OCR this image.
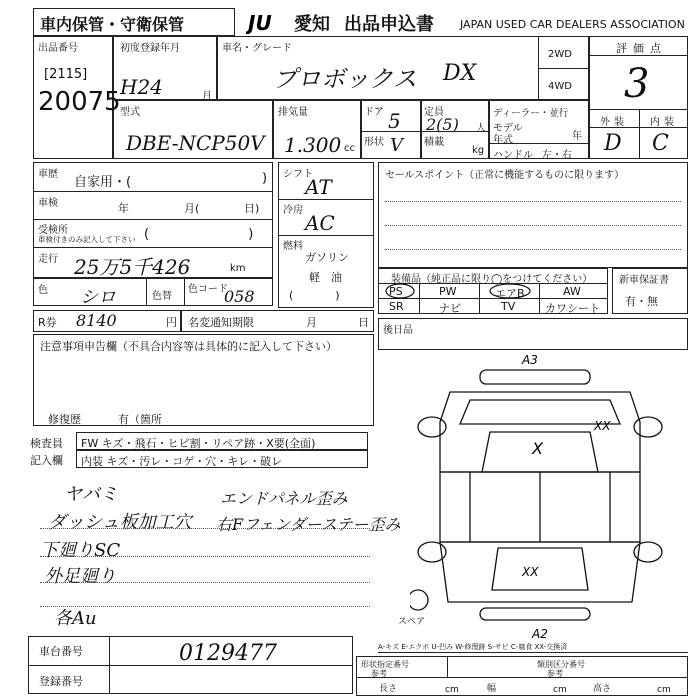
車内保管・守衛保管	JU 愛知 出品申込書 JAPAN USED CAR DEALERS ASSOCIATION
出品番号
[2115]
20075
初度登録年月
H24	月
車名・グレード
プロボックス DX
2WD
4WD
評価点
3
外装 内装
D C
型式
DBE-NCP50V
排気量
1.300 cc
ドア 5
形状 V
定員
2(5) 人
積載
kg
ディーラー・並行
モデル
年式	年
ハンドル 左・右
車歴
自家用・(	)
車検	年	月(	日)
受検所
車検付きのみ記入して下さい (                        )
走行 25万5千426	km
色 シロ	色替
色コード
058
シフト
AT
冷房
AC
燃料
ガソリン
軽　油
(            )
セールスポイント（正常に機能するものに限ります）
装備品（純正品に限り◯をつけてください）
PS	PW	エアB	AW
SR	ナビ	TV	カワシート
新車保証書
有・無
R券 8140	円 名変通知期限	月	日
後日品
注意事項申告欄（不具合内容等は具体的に記入して下さい）
修復歴	有（箇所
検査員
記入欄
FW キズ・飛石・ヒビ割・リペア跡・X要(全面)
内装 キズ・汚レ・コゲ・穴・キレ・破レ
ヤバミ
ダッシュ板加工穴
下廻りSC
外足廻り
エンドパネル歪み
右Fフェンダーステー歪み
各Au
A3
A2
XX
X
XX
スペア
A-キズ E-エクボ U-凹み W-修理跡 S-サビ C-腐食 XX-交換済
車台番号	0129477
登録番号
形状指定番号
参考
類別区分番号
参考
長さ	cm	幅	cm	高さ	cm
